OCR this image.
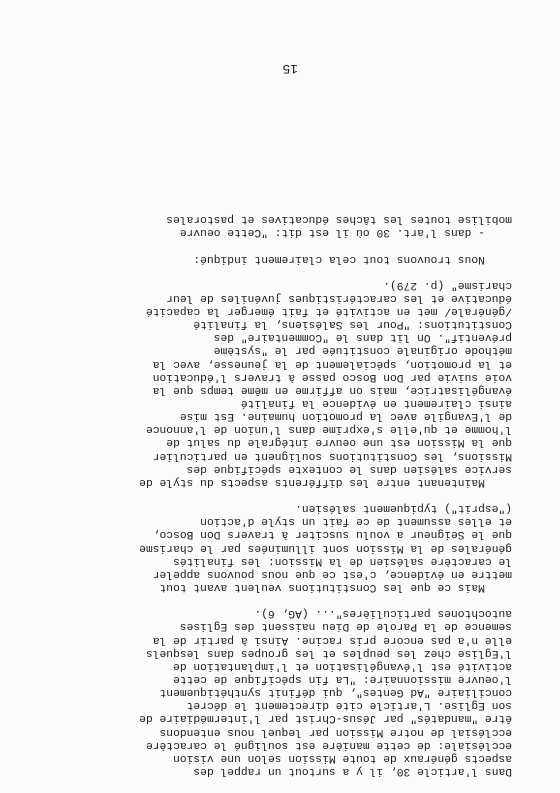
Dans l'article 30, il y a surtout un rappel des
aspects généraux de toute Mission selon une vision
ecclésiale: de cette manière est souligné le caractère
ecclésial de notre Mission par lequel nous entendons
être "mandatés" par Jésus-Christ par l'intermédiaire de
son Eglise. L'article cite directement le décret
conciliaire "Ad Gentes", qui définit synthétiquement
l'oeuvre missionnaire: "La fin spécifique de cette
activité est l'évangélisation et l'implantation de
l'Eglise chez les peuples et les groupes dans lesquels
elle n'a pas encore pris racine. Ainsi à partir de la
semence de la Parole de Dieu naissent des Eglises
autochtones particulières"... (AG, 6).
Mais ce que les Constitutions veulent avant tout
mettre en évidence, c'est ce que nous pouvons appeler
le caractère salésien de la Mission: les finalités
générales de la Mission sont illuminées par le charisme
que le Seigneur a voulu susciter à travers Don Bosco,
et elles assument de ce fait un style d'action
("esprit") typiquement salésien.
Maintenant entre les différents aspects du style de
service salésien dans le contexte spécifique des
Missions, les Constitutions soulignent en particulier
que la Mission est une oeuvre intégrale du salut de
l'homme et qu'elle s'exprime dans l'union de l'annonce
de l'Evangile avec la promotion humaine. Est mise
ainsi clairement en évidence la finalité
évangélisatrice, mais on affirme en même temps que la
voie suivie par Don Bosco passe à travers l'éducation
et la promotion, spécialement de la jeunesse, avec la
méthode originale constituée par le "système
préventif". On lit dans le "Commentaire" des
Constitutions: "Pour les Salésiens, la finalité
/générale/ met en activité et fait émerger la capacité
éducative et les caractéristiques juvéniles de leur
charisme" (p. 279).
Nous trouvons tout cela clairement indiqué:
- dans l'art. 30 où il est dit: "Cette oeuvre
mobilise toutes les tâches éducatives et pastorales
15
